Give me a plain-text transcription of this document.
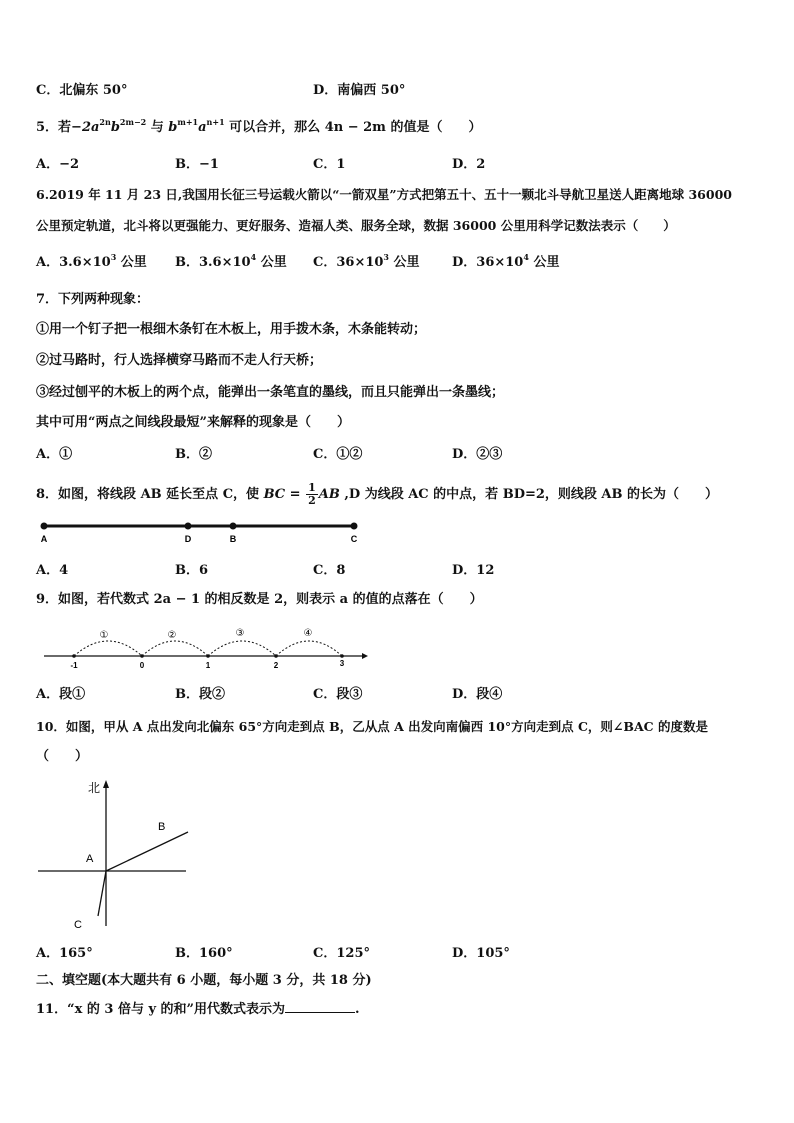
C．北偏东 50°	D．南偏西 50°
5．若$-2a^{2n}b^{2m-2}$ 与 $b^{m+1}a^{n+1}$ 可以合并，那么 4n − 2m 的值是（　　）
A．−2	B．−1	C．1	D．2
6.2019 年 11 月 23 日,我国用长征三号运载火箭以“一箭双星”方式把第五十、五十一颗北斗导航卫星送人距离地球 36000
公里预定轨道，北斗将以更强能力、更好服务、造福人类、服务全球，数据 36000 公里用科学记数法表示（　　）
A．$3.6\times 10^3$ 公里 B．$3.6\times 10^4$ 公里 C．$36\times 10^3$ 公里 D．$36\times 10^4$ 公里
7．下列两种现象：
①用一个钉子把一根细木条钉在木板上，用手拨木条，木条能转动；
②过马路时，行人选择横穿马路而不走人行天桥；
③经过刨平的木板上的两个点，能弹出一条笔直的墨线，而且只能弹出一条墨线；
其中可用“两点之间线段最短”来解释的现象是（　　）
A．①	B．②	C．①②	D．②③
8．如图，将线段 AB 延长至点 C，使 BC = $\frac{1}{2}$ AB ,D 为线段 AC 的中点，若 BD=2，则线段 AB 的长为（　　）
A	D	B	C
A．4	B．6	C．8	D．12
9．如图，若代数式 2a − 1 的相反数是 2，则表示 a 的值的点落在（　　）
①	②	③	④
-1	0	1	2	3
A．段①	B．段②	C．段③	D．段④
10．如图，甲从 A 点出发向北偏东 65°方向走到点 B，乙从点 A 出发向南偏西 10°方向走到点 C，则∠BAC 的度数是
（　　）
北
A
B
C
A．165°	B．160°	C．125°	D．105°
二、填空题(本大题共有 6 小题，每小题 3 分，共 18 分)
11．“x 的 3 倍与 y 的和”用代数式表示为	.
